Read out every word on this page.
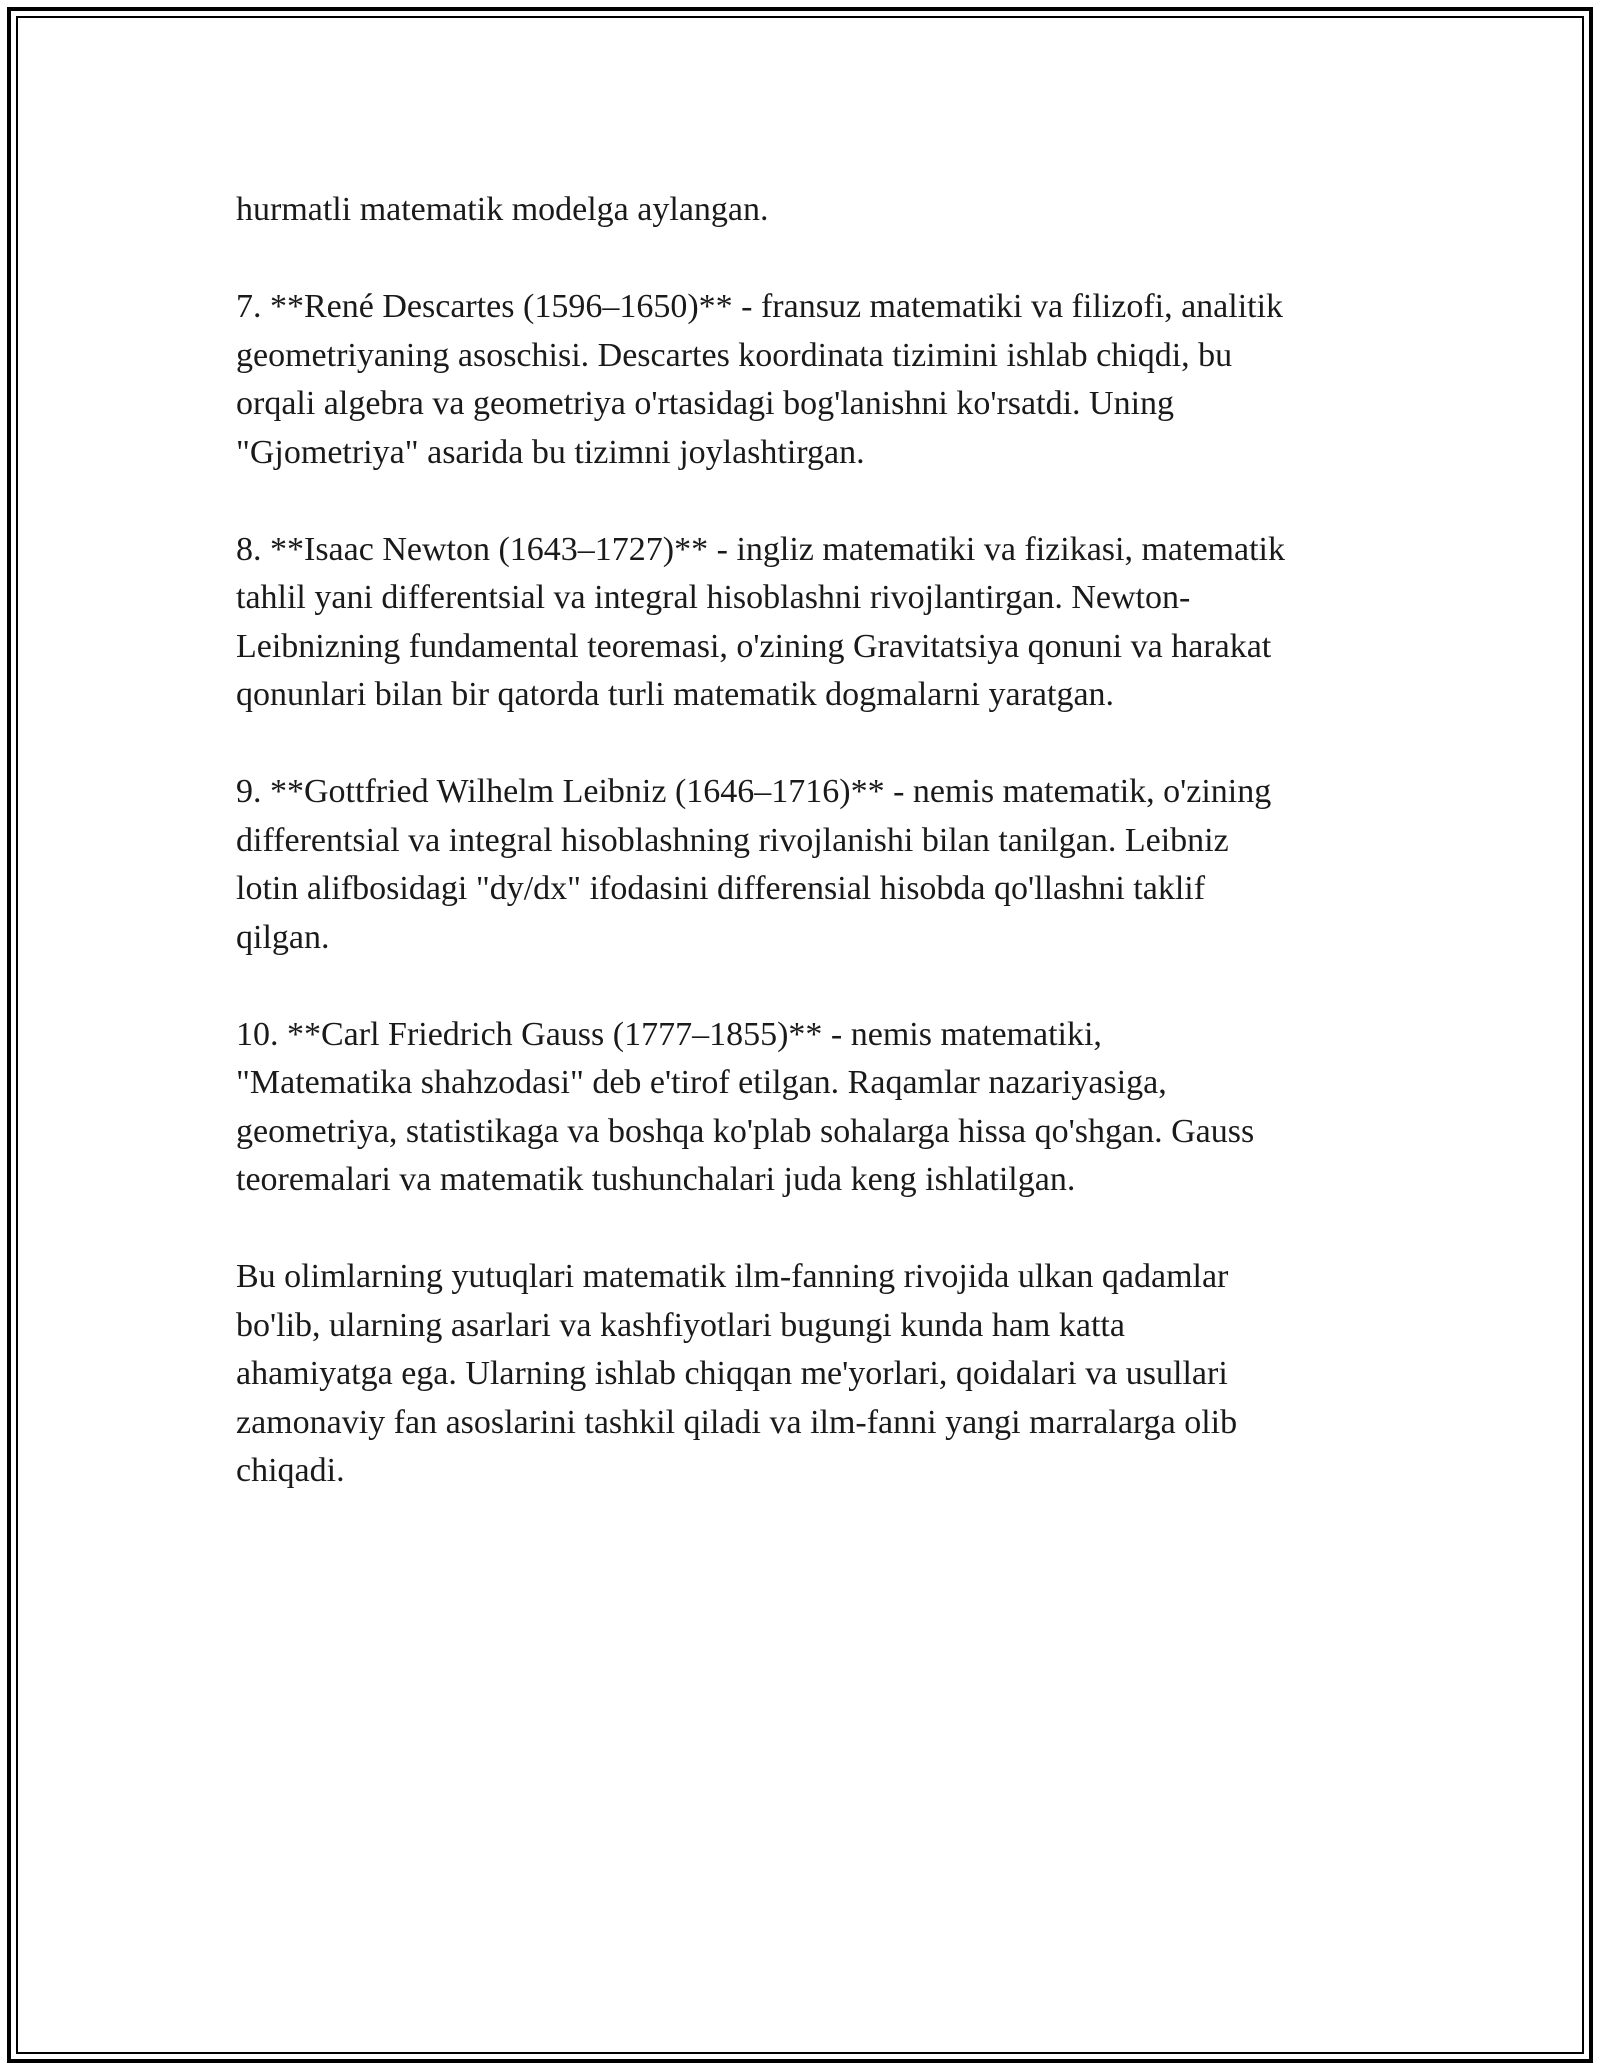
hurmatli matematik modelga aylangan.

7. **René Descartes (1596–1650)** - fransuz matematiki va filizofi, analitik
geometriyaning asoschisi. Descartes koordinata tizimini ishlab chiqdi, bu
orqali algebra va geometriya o'rtasidagi bog'lanishni ko'rsatdi. Uning
"Gjometriya" asarida bu tizimni joylashtirgan.

8. **Isaac Newton (1643–1727)** - ingliz matematiki va fizikasi, matematik
tahlil yani differentsial va integral hisoblashni rivojlantirgan. Newton-
Leibnizning fundamental teoremasi, o'zining Gravitatsiya qonuni va harakat
qonunlari bilan bir qatorda turli matematik dogmalarni yaratgan.

9. **Gottfried Wilhelm Leibniz (1646–1716)** - nemis matematik, o'zining
differentsial va integral hisoblashning rivojlanishi bilan tanilgan. Leibniz
lotin alifbosidagi "dy/dx" ifodasini differensial hisobda qo'llashni taklif
qilgan.

10. **Carl Friedrich Gauss (1777–1855)** - nemis matematiki,
"Matematika shahzodasi" deb e'tirof etilgan. Raqamlar nazariyasiga,
geometriya, statistikaga va boshqa ko'plab sohalarga hissa qo'shgan. Gauss
teoremalari va matematik tushunchalari juda keng ishlatilgan.

Bu olimlarning yutuqlari matematik ilm-fanning rivojida ulkan qadamlar
bo'lib, ularning asarlari va kashfiyotlari bugungi kunda ham katta
ahamiyatga ega. Ularning ishlab chiqqan me'yorlari, qoidalari va usullari
zamonaviy fan asoslarini tashkil qiladi va ilm-fanni yangi marralarga olib
chiqadi.
